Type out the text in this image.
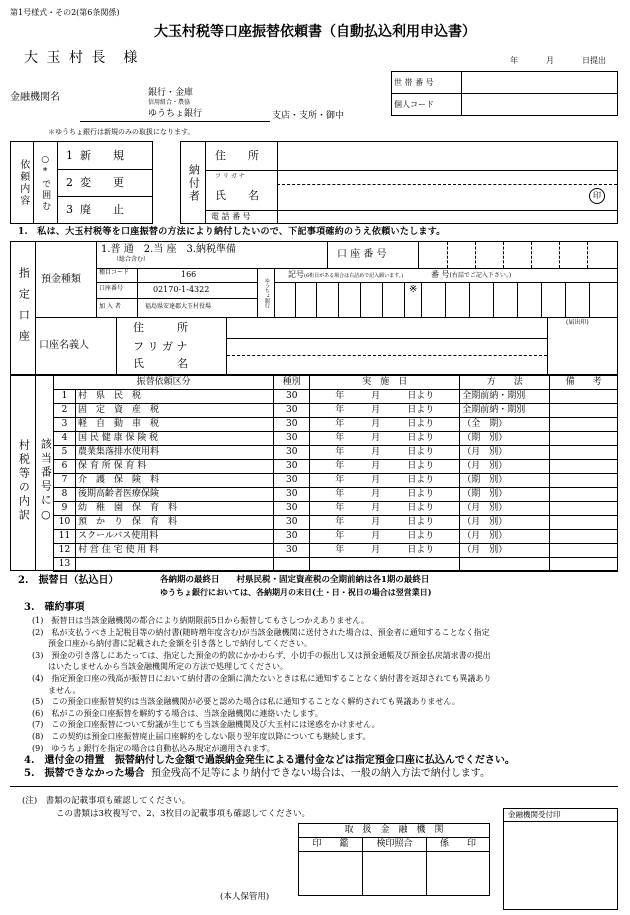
第1号様式・その2(第6条関係)
大玉村税等口座振替依頼書（自動払込利用申込書）
大 玉 村 長　様	年	月	日提出
世 帯 番 号	
個人コード	
金融機関名	銀行・金庫
信用組合・農協
ゆうちょ銀行	支店・支所・御中
＊ゆうちょ銀行は新規のみの取扱になります。
依頼内容	○*で囲む 1 新　　規
2 変　　更
3 廃　　止
納付者
住　　所
フ リ ガ ナ
氏　　名
電 話 番 号
印
1.　私は、大玉村税等を口座振替の方法により納付したいので、下記事項確約のうえ依頼いたします。
指定口座 預金種類
1.普 通　2.当 座　3.納税準備
（総合含む）	口 座 番 号
種目コード	166
口座番号	02170-1-4322
加 入 者	福島県安達郡大玉村役場	ゆうちょ銀行
記号(6桁目がある場合は右詰めで記入願います。)	番 号(右詰でご記入下さい。)
※
口座名義人
住　　　所
フ リ ガ ナ
氏　　　名
(届出印)
村税等の内訳 該当番号に○
振替依頼区分		種別	実　施　日	方　　法	備　　考
1	村　県　民　税	30	年　　　月　　　日より	全期前納・期別	
2	固　定　資　産　税	30	年　　　月　　　日より	全期前納・期別	
3	軽　自　動　車　税	30	年　　　月　　　日より	（全　期）	
4	国 民 健 康 保 険 税	30	年　　　月　　　日より	（期　別）	
5	農業集落排水使用料	30	年　　　月　　　日より	（月　別）	
6	保 育 所 保 育 料	30	年　　　月　　　日より	（月　別）	
7	介　護　保　険　料	30	年　　　月　　　日より	（期　別）	
8	後期高齢者医療保険	30	年　　　月　　　日より	（期　別）	
9	幼　稚　園　保　育　料	30	年　　　月　　　日より	（月　別）	
10	預　か　り　保　育　料	30	年　　　月　　　日より	（月　別）	
11	スクールバス使用料	30	年　　　月　　　日より	（月　別）	
12	村 営 住 宅 使 用 料	30	年　　　月　　　日より	（月　別）	
13					
2.　振替日（払込日）	各納期の最終日　　村県民税・固定資産税の全期前納は各1期の最終日
ゆうちょ銀行においては、各納期月の末日(土・日・祝日の場合は翌営業日)
3.　確約事項
(1)　振替日は当該金融機関の都合により納期限前5日から振替してもさしつかえありません。
(2)　私が支払うべき上記税目等の納付書(随時増年度含む)が当該金融機関に送付された場合は、預金者に通知することなく指定
　　預金口座から納付書に記載された金額を引き落としで納付してください。
(3)　預金の引き落しにあたっては、指定した預金の約款にかかわらず、小切手の振出し又は預金通帳及び預金払戻請求書の提出
　　はいたしませんから当該金融機関所定の方法で処理してください。
(4)　指定預金口座の残高が振替日において納付書の金額に満たないときは私に通知することなく納付書を返却されても異議あり
　　ません。
(5)　この預金口座振替契約は当該金融機関が必要と認めた場合は私に通知することなく解約されても異議ありません。
(6)　私がこの預金口座振替を解約する場合は、当該金融機関に連絡いたします。
(7)　この預金口座振替について紛議が生じても当該金融機関及び大玉村には迷惑をかけません。
(8)　この契約は預金口座振替廃止届口座解約をしない限り翌年度以降についても継続します。
(9)　ゆうちょ銀行を指定の場合は自動払込み規定が適用されます。
4.　還付金の措置 振替納付した金額で過誤納金発生による還付金などは指定預金口座に払込んでください。
5.　振替できなかった場合 預金残高不足等により納付できない場合は、一般の納入方法で納付します。
(注)　書類の記載事項も確認してください。
この書類は3枚複写で、2、3枚目の記載事項も確認してください。
取　扱　金　融　機　関		
印　　鑑	検印照合	係　　印

(本人保管用)
金融機関受付印
